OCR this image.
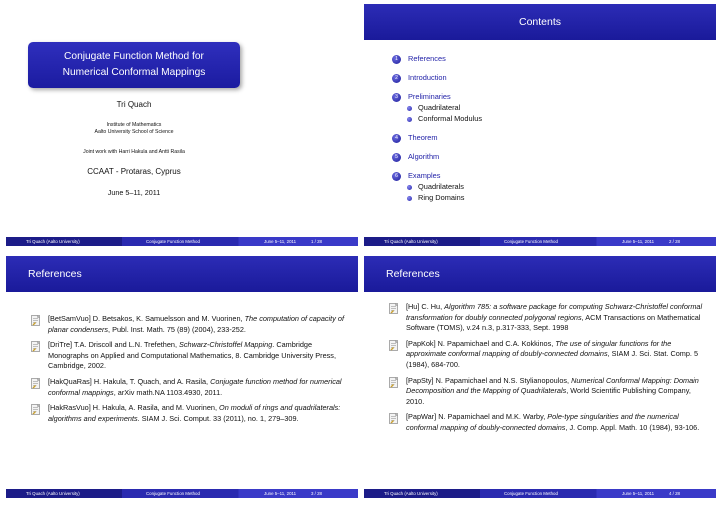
Conjugate Function Method for
Numerical Conformal Mappings
Tri Quach
Institute of Mathematics
Aalto University School of Science
Joint work with Harri Hakula and Antti Rasila
CCAAT - Protaras, Cyprus
June 5–11, 2011
Tri Quach (Aalto University)	Conjugate Function Method	June 5–11, 2011	1 / 28
Contents
1	References
2	Introduction
3	Preliminaries
Quadrilateral
Conformal Modulus
4	Theorem
5	Algorithm
6	Examples
Quadrilaterals
Ring Domains
Tri Quach (Aalto University)	Conjugate Function Method	June 5–11, 2011	2 / 28
References
[BetSamVuo] D. Betsakos, K. Samuelsson and M. Vuorinen, The computation of capacity of planar condensers, Publ. Inst. Math. 75 (89) (2004), 233-252.
[DriTre] T.A. Driscoll and L.N. Trefethen, Schwarz-Christoffel Mapping. Cambridge Monographs on Applied and Computational Mathematics, 8. Cambridge University Press, Cambridge, 2002.
[HakQuaRas] H. Hakula, T. Quach, and A. Rasila, Conjugate function method for numerical conformal mappings, arXiv math.NA 1103.4930, 2011.
[HakRasVuo] H. Hakula, A. Rasila, and M. Vuorinen, On moduli of rings and quadrilaterals: algorithms and experiments. SIAM J. Sci. Comput. 33 (2011), no. 1, 279–309.
Tri Quach (Aalto University)	Conjugate Function Method	June 5–11, 2011	3 / 28
References
[Hu] C. Hu, Algorithm 785: a software package for computing Schwarz-Christoffel conformal transformation for doubly connected polygonal regions, ACM Transactions on Mathematical Software (TOMS), v.24 n.3, p.317-333, Sept. 1998
[PapKok] N. Papamichael and C.A. Kokkinos, The use of singular functions for the approximate conformal mapping of doubly-connected domains, SIAM J. Sci. Stat. Comp. 5 (1984), 684-700.
[PapSty] N. Papamichael and N.S. Stylianopoulos, Numerical Conformal Mapping: Domain Decomposition and the Mapping of Quadrilaterals, World Scientific Publishing Company, 2010.
[PapWar] N. Papamichael and M.K. Warby, Pole-type singularities and the numerical conformal mapping of doubly-connected domains, J. Comp. Appl. Math. 10 (1984), 93-106.
Tri Quach (Aalto University)	Conjugate Function Method	June 5–11, 2011	4 / 28
